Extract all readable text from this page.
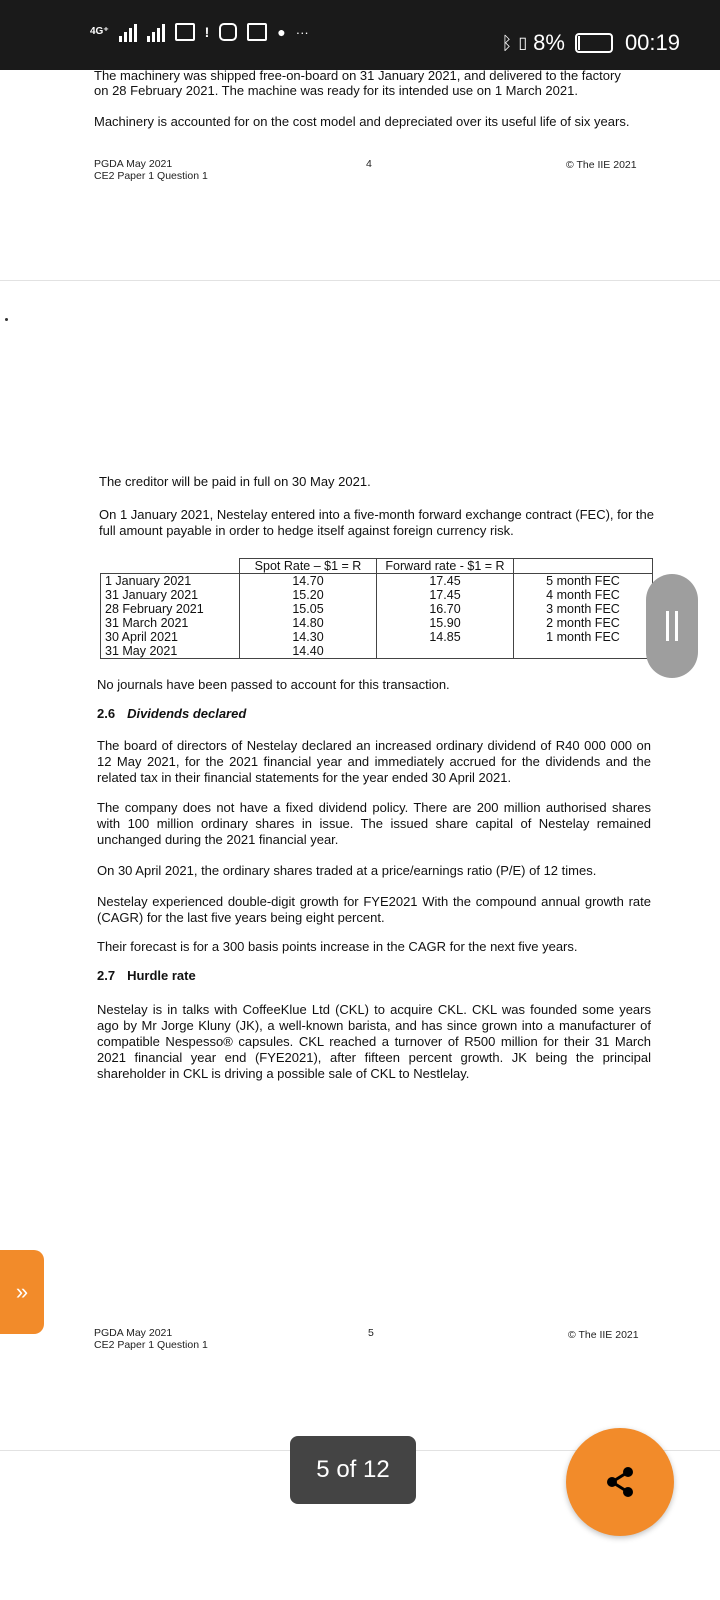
4G⁺	!	● ···
ᛒ ▯ 8%	00:19
The machinery was shipped free-on-board on 31 January 2021, and delivered to the factory
on 28 February 2021. The machine was ready for its intended use on 1 March 2021.
Machinery is accounted for on the cost model and depreciated over its useful life of six years.
PGDA May 2021
CE2 Paper 1 Question 1
4	© The IIE 2021
The creditor will be paid in full on 30 May 2021.
On 1 January 2021, Nestelay entered into a five-month forward exchange contract (FEC), for the full amount payable in order to hedge itself against foreign currency risk.
	Spot Rate – $1 = R	Forward rate - $1 = R	
1 January 2021	14.70	17.45	5 month FEC
31 January 2021	15.20	17.45	4 month FEC
28 February 2021	15.05	16.70	3 month FEC
31 March 2021	14.80	15.90	2 month FEC
30 April 2021	14.30	14.85	1 month FEC
31 May 2021	14.40		
No journals have been passed to account for this transaction.
2.6 Dividends declared
The board of directors of Nestelay declared an increased ordinary dividend of R40 000 000 on 12 May 2021, for the 2021 financial year and immediately accrued for the dividends and the related tax in their financial statements for the year ended 30 April 2021.
The company does not have a fixed dividend policy. There are 200 million authorised shares with 100 million ordinary shares in issue. The issued share capital of Nestelay remained unchanged during the 2021 financial year.
On 30 April 2021, the ordinary shares traded at a price/earnings ratio (P/E) of 12 times.
Nestelay experienced double-digit growth for FYE2021 With the compound annual growth rate (CAGR) for the last five years being eight percent.
Their forecast is for a 300 basis points increase in the CAGR for the next five years.
2.7 Hurdle rate
Nestelay is in talks with CoffeeKlue Ltd (CKL) to acquire CKL. CKL was founded some years ago by Mr Jorge Kluny (JK), a well-known barista, and has since grown into a manufacturer of compatible Nespesso® capsules. CKL reached a turnover of R500 million for their 31 March 2021 financial year end (FYE2021), after fifteen percent growth. JK being the principal shareholder in CKL is driving a possible sale of CKL to Nestlelay.
PGDA May 2021
CE2 Paper 1 Question 1
5	© The IIE 2021
»
5 of 12
